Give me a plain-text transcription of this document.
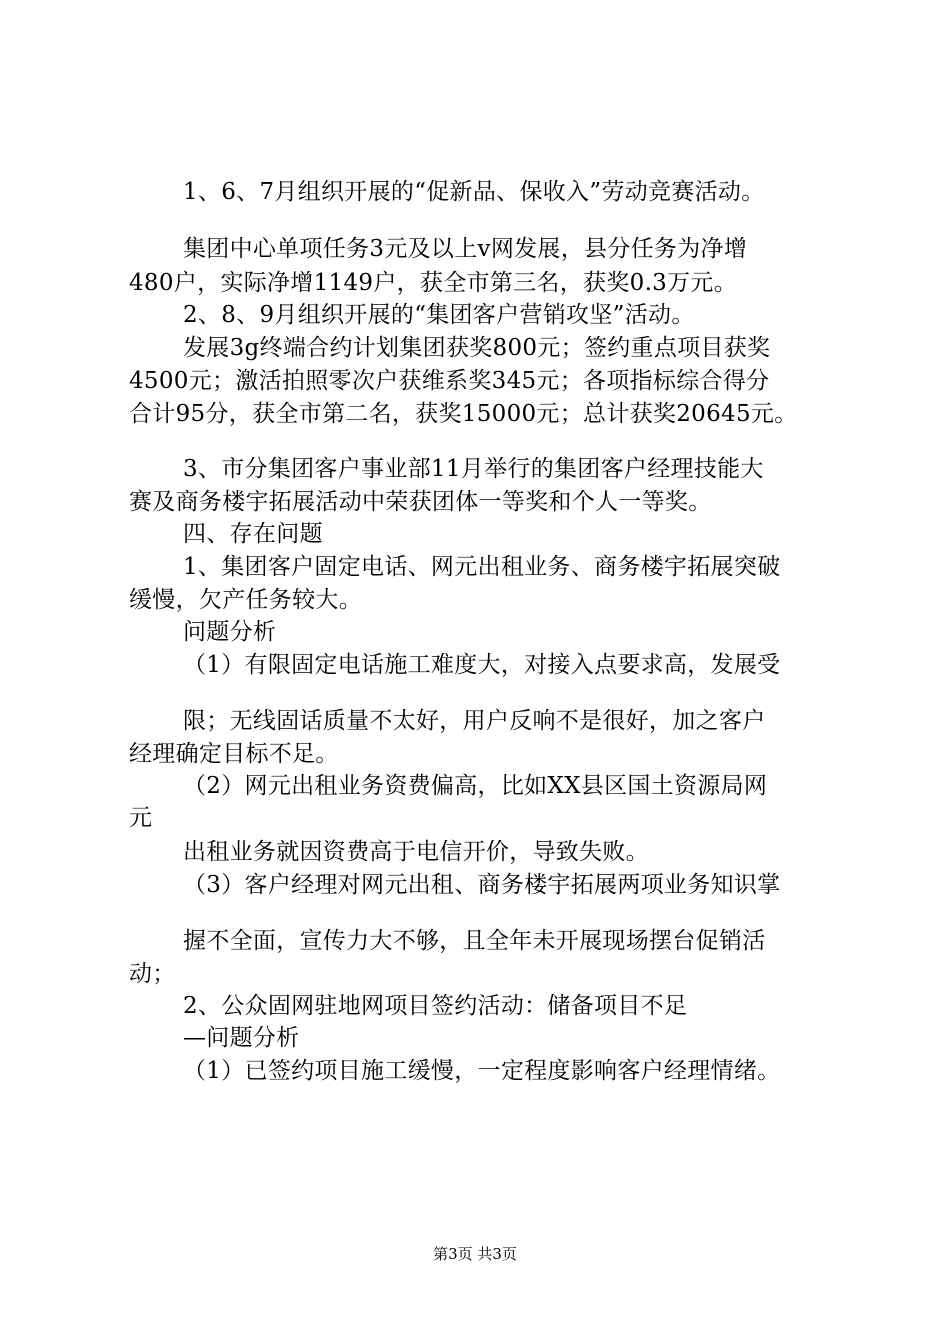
1、6、7月组织开展的“促新品、保收入”劳动竞赛活动。
集团中心单项任务3元及以上v网发展，县分任务为净增
480户，实际净增1149户，获全市第三名，获奖0.3万元。
2、8、9月组织开展的“集团客户营销攻坚”活动。
发展3g终端合约计划集团获奖800元；签约重点项目获奖
4500元；激活拍照零次户获维系奖345元；各项指标综合得分
合计95分，获全市第二名，获奖15000元；总计获奖20645元。
3、市分集团客户事业部11月举行的集团客户经理技能大
赛及商务楼宇拓展活动中荣获团体一等奖和个人一等奖。
四、存在问题
1、集团客户固定电话、网元出租业务、商务楼宇拓展突破
缓慢，欠产任务较大。
问题分析
（1）有限固定电话施工难度大，对接入点要求高，发展受
限；无线固话质量不太好，用户反响不是很好，加之客户
经理确定目标不足。
（2）网元出租业务资费偏高，比如XX县区国土资源局网
元
出租业务就因资费高于电信开价，导致失败。
（3）客户经理对网元出租、商务楼宇拓展两项业务知识掌
握不全面，宣传力大不够，且全年未开展现场摆台促销活
动；
2、公众固网驻地网项目签约活动：储备项目不足
—问题分析
（1）已签约项目施工缓慢，一定程度影响客户经理情绪。
第3页 共3页
